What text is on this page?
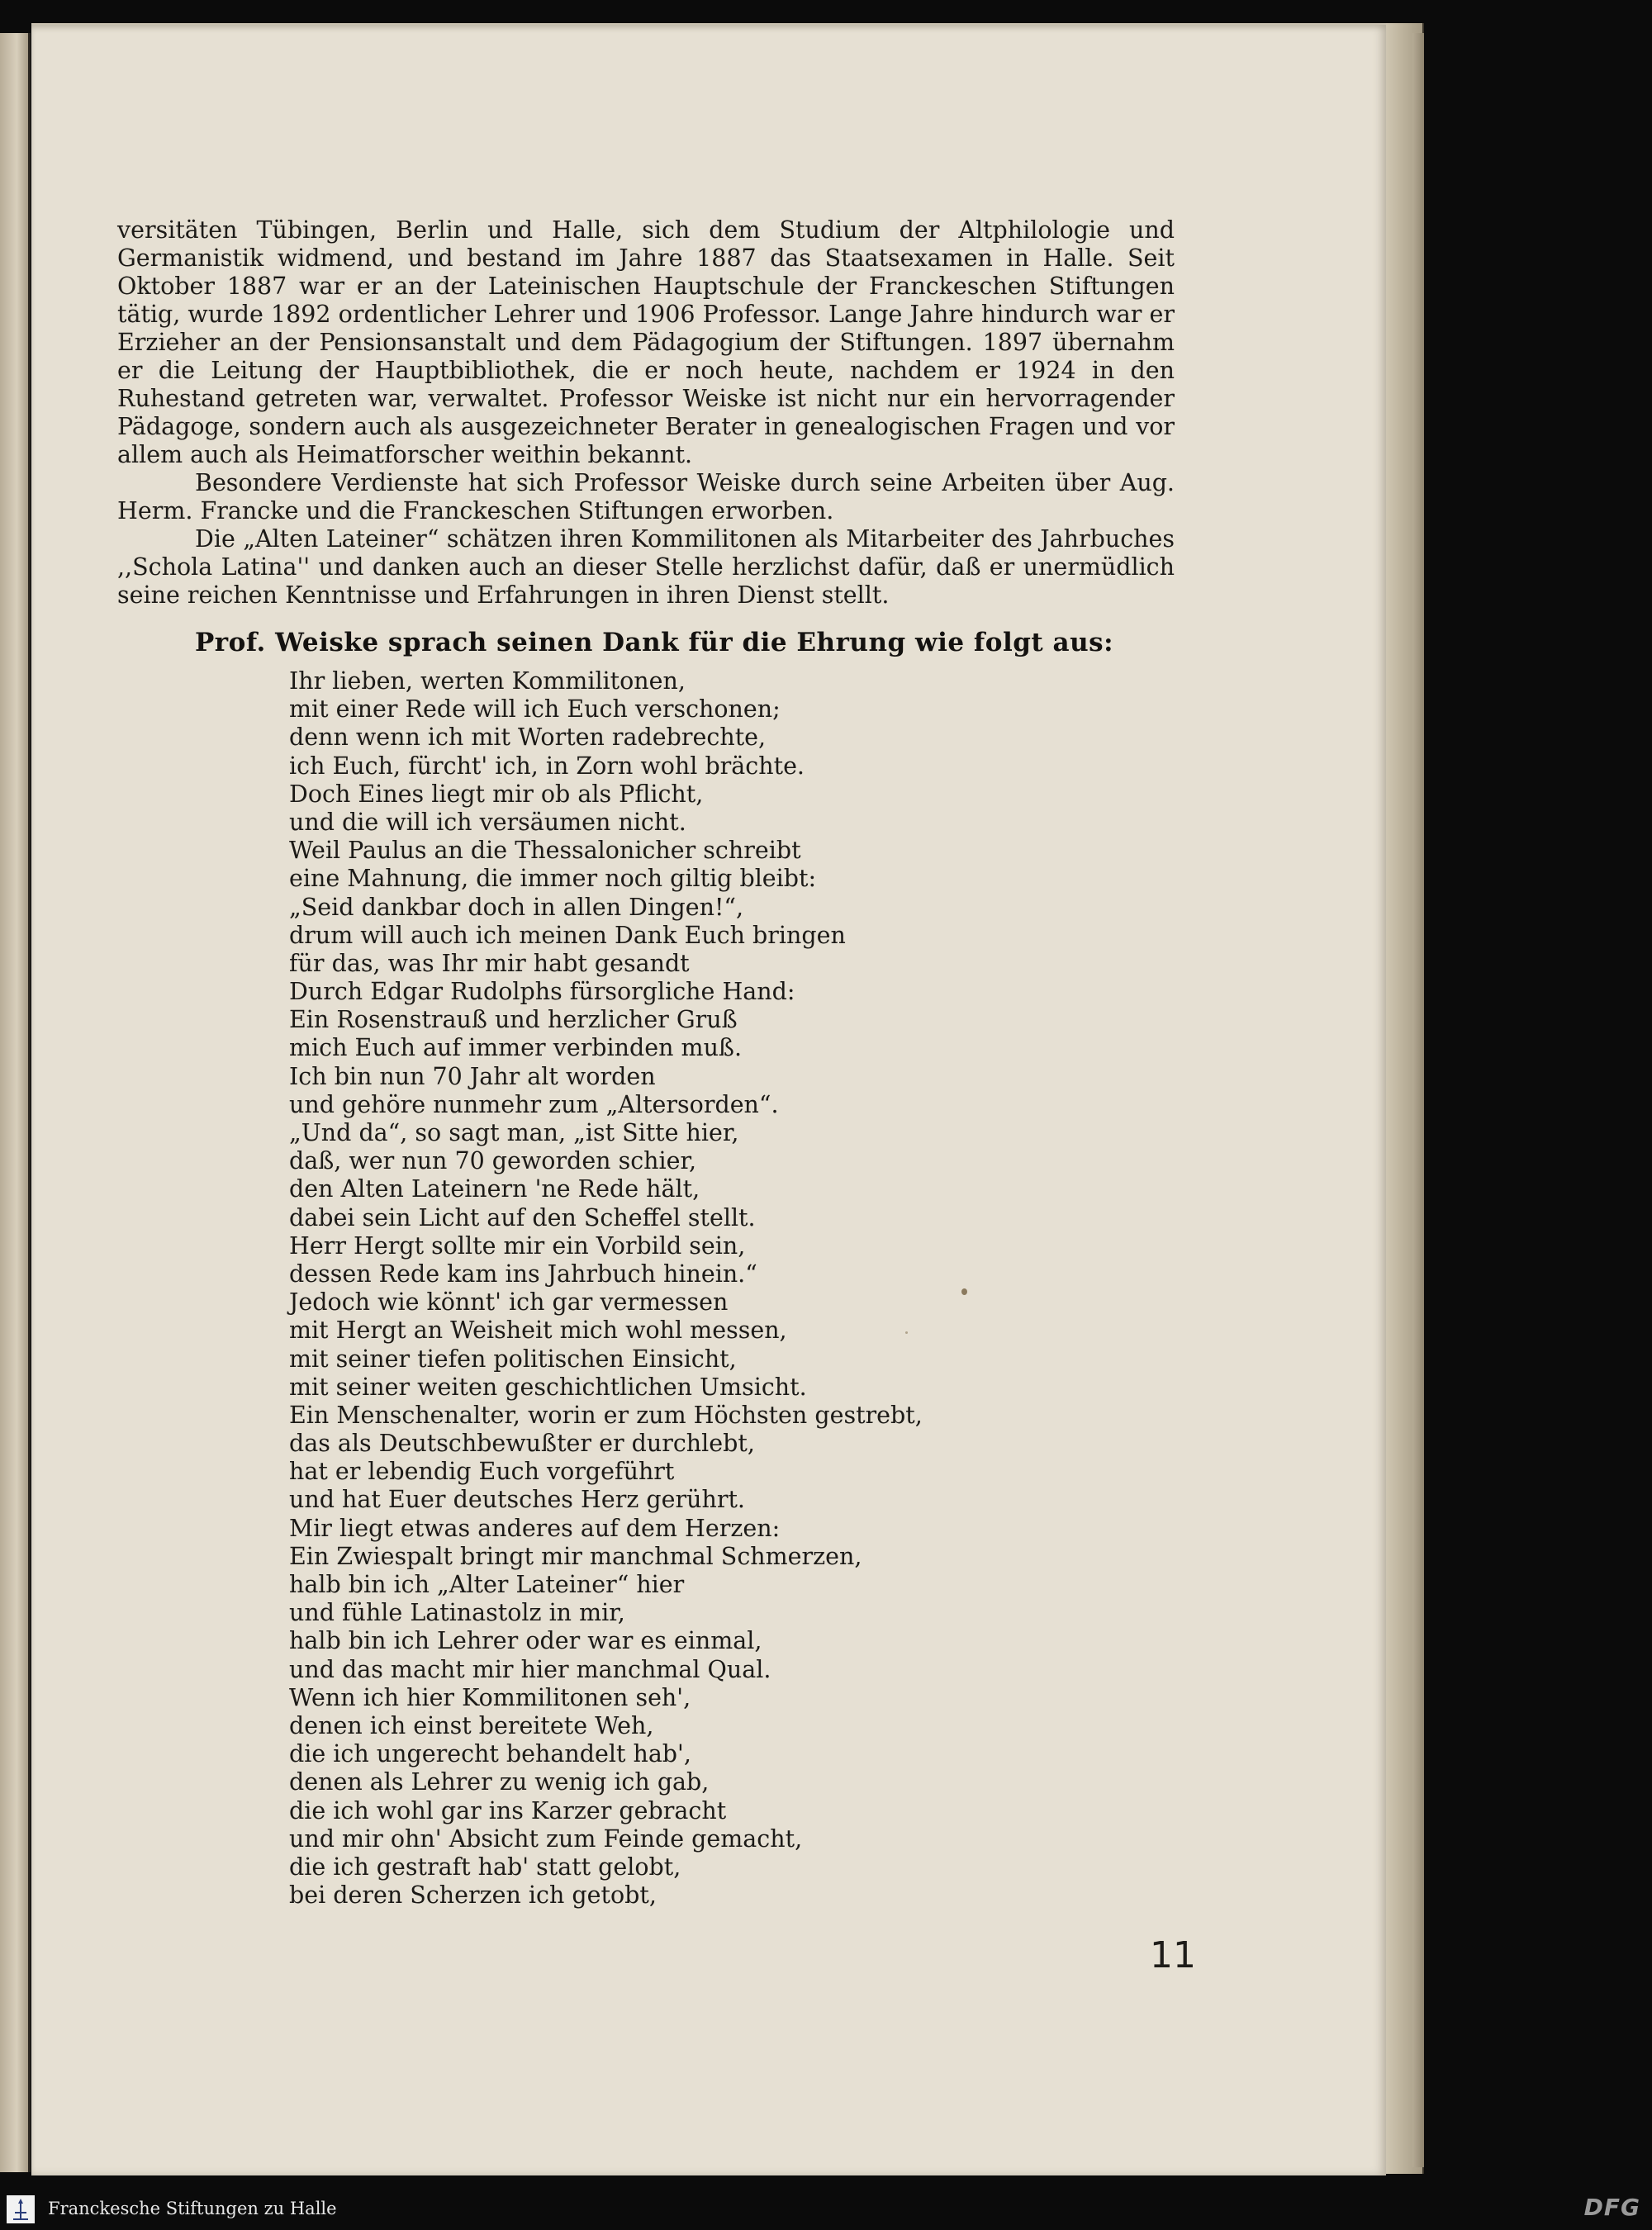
versitäten Tübingen, Berlin und Halle, sich dem Studium der Altphilologie und Germanistik widmend, und bestand im Jahre 1887 das Staatsexamen in Halle. Seit Oktober 1887 war er an der Lateinischen Hauptschule der Franckeschen Stiftungen tätig, wurde 1892 ordentlicher Lehrer und 1906 Professor. Lange Jahre hindurch war er Erzieher an der Pensionsanstalt und dem Pädagogium der Stiftungen. 1897 übernahm er die Leitung der Hauptbibliothek, die er noch heute, nachdem er 1924 in den Ruhestand getreten war, verwaltet. Professor Weiske ist nicht nur ein hervorragender Pädagoge, sondern auch als ausgezeichneter Berater in genealogischen Fragen und vor allem auch als Heimatforscher weithin bekannt.

Besondere Verdienste hat sich Professor Weiske durch seine Arbeiten über Aug. Herm. Francke und die Franckeschen Stiftungen erworben.

Die „Alten Lateiner“ schätzen ihren Kommilitonen als Mitarbeiter des Jahrbuches ,,Schola Latina'' und danken auch an dieser Stelle herzlichst dafür, daß er unermüdlich seine reichen Kenntnisse und Erfahrungen in ihren Dienst stellt.

Prof. Weiske sprach seinen Dank für die Ehrung wie folgt aus:
Ihr lieben, werten Kommilitonen,
mit einer Rede will ich Euch verschonen;
denn wenn ich mit Worten radebrechte,
ich Euch, fürcht' ich, in Zorn wohl brächte.
Doch Eines liegt mir ob als Pflicht,
und die will ich versäumen nicht.
Weil Paulus an die Thessalonicher schreibt
eine Mahnung, die immer noch giltig bleibt:
„Seid dankbar doch in allen Dingen!“,
drum will auch ich meinen Dank Euch bringen
für das, was Ihr mir habt gesandt
Durch Edgar Rudolphs fürsorgliche Hand:
Ein Rosenstrauß und herzlicher Gruß
mich Euch auf immer verbinden muß.
Ich bin nun 70 Jahr alt worden
und gehöre nunmehr zum „Altersorden“.
„Und da“, so sagt man, „ist Sitte hier,
daß, wer nun 70 geworden schier,
den Alten Lateinern 'ne Rede hält,
dabei sein Licht auf den Scheffel stellt.
Herr Hergt sollte mir ein Vorbild sein,
dessen Rede kam ins Jahrbuch hinein.“
Jedoch wie könnt' ich gar vermessen
mit Hergt an Weisheit mich wohl messen,
mit seiner tiefen politischen Einsicht,
mit seiner weiten geschichtlichen Umsicht.
Ein Menschenalter, worin er zum Höchsten gestrebt,
das als Deutschbewußter er durchlebt,
hat er lebendig Euch vorgeführt
und hat Euer deutsches Herz gerührt.
Mir liegt etwas anderes auf dem Herzen:
Ein Zwiespalt bringt mir manchmal Schmerzen,
halb bin ich „Alter Lateiner“ hier
und fühle Latinastolz in mir,
halb bin ich Lehrer oder war es einmal,
und das macht mir hier manchmal Qual.
Wenn ich hier Kommilitonen seh',
denen ich einst bereitete Weh,
die ich ungerecht behandelt hab',
denen als Lehrer zu wenig ich gab,
die ich wohl gar ins Karzer gebracht
und mir ohn' Absicht zum Feinde gemacht,
die ich gestraft hab' statt gelobt,
bei deren Scherzen ich getobt,
11
Franckesche Stiftungen zu Halle	DFG
